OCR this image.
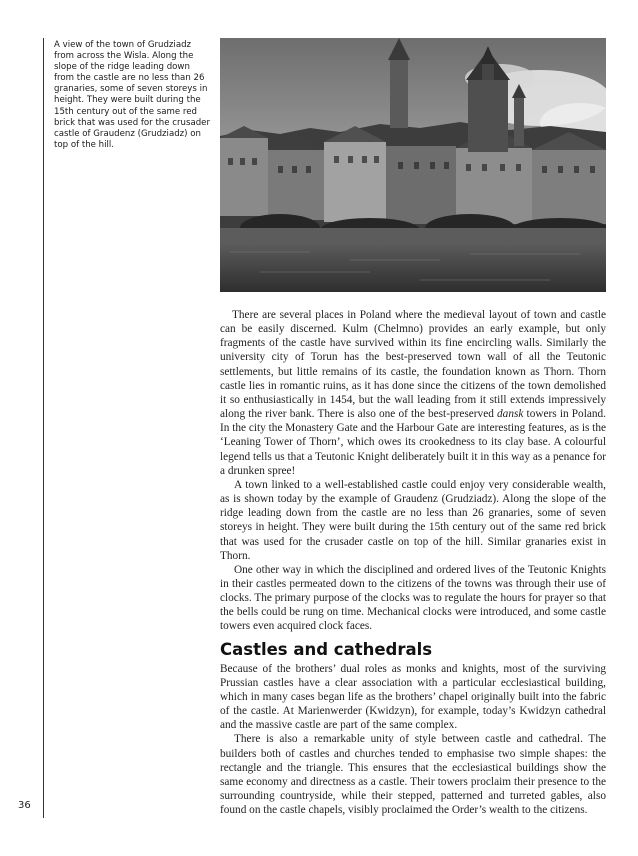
A view of the town of Grudziadz from across the Wisla. Along the slope of the ridge leading down from the castle are no less than 26 granaries, some of seven storeys in height. They were built during the 15th century out of the same red brick that was used for the crusader castle of Graudenz (Grudziadz) on top of the hill.

There are several places in Poland where the medieval layout of town and castle can be easily discerned. Kulm (Chelmno) provides an early example, but only fragments of the castle have survived within its fine encircling walls. Similarly the university city of Torun has the best-preserved town wall of all the Teutonic settlements, but little remains of its castle, the foundation known as Thorn. Thorn castle lies in romantic ruins, as it has done since the citizens of the town demolished it so enthusiastically in 1454, but the wall leading from it still extends impressively along the river bank. There is also one of the best-preserved dansk towers in Poland. In the city the Monastery Gate and the Harbour Gate are interesting features, as is the ‘Leaning Tower of Thorn’, which owes its crookedness to its clay base. A colourful legend tells us that a Teutonic Knight deliberately built it in this way as a penance for a drunken spree!

A town linked to a well-established castle could enjoy very considerable wealth, as is shown today by the example of Graudenz (Grudziadz). Along the slope of the ridge leading down from the castle are no less than 26 granaries, some of seven storeys in height. They were built during the 15th century out of the same red brick that was used for the crusader castle on top of the hill. Similar granaries exist in Thorn.

One other way in which the disciplined and ordered lives of the Teutonic Knights in their castles permeated down to the citizens of the towns was through their use of clocks. The primary purpose of the clocks was to regulate the hours for prayer so that the bells could be rung on time. Mechanical clocks were introduced, and some castle towers even acquired clock faces.

Castles and cathedrals

Because of the brothers’ dual roles as monks and knights, most of the surviving Prussian castles have a clear association with a particular ecclesiastical building, which in many cases began life as the brothers’ chapel originally built into the fabric of the castle. At Marienwerder (Kwidzyn), for example, today’s Kwidzyn cathedral and the massive castle are part of the same complex.

There is also a remarkable unity of style between castle and cathedral. The builders both of castles and churches tended to emphasise two simple shapes: the rectangle and the triangle. This ensures that the ecclesiastical buildings show the same economy and directness as a castle. Their towers proclaim their presence to the surrounding countryside, while their stepped, patterned and turreted gables, also found on the castle chapels, visibly proclaimed the Order’s wealth to the citizens.

36
